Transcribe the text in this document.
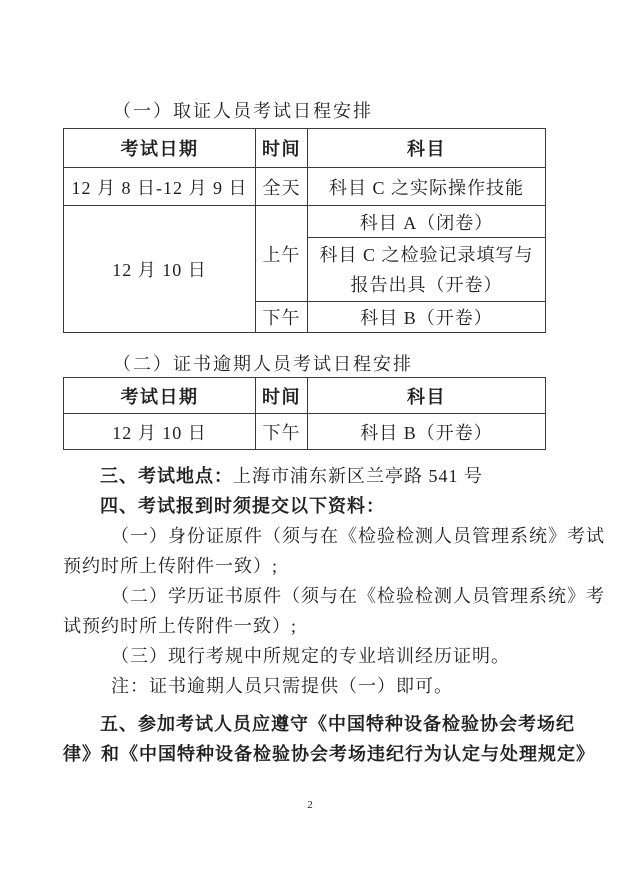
（一）取证人员考试日程安排
考试日期	时间	科目
12 月 8 日-12 月 9 日	全天	科目 C 之实际操作技能
12 月 10 日	上午	科目 A（闭卷）
		科目 C 之检验记录填写与报告出具（开卷）
	下午	科目 B（开卷）
（二）证书逾期人员考试日程安排
考试日期	时间	科目
12 月 10 日	下午	科目 B（开卷）
三、考试地点：上海市浦东新区兰亭路 541 号
四、考试报到时须提交以下资料：
（一）身份证原件（须与在《检验检测人员管理系统》考试
预约时所上传附件一致）;
（二）学历证书原件（须与在《检验检测人员管理系统》考
试预约时所上传附件一致）;
（三）现行考规中所规定的专业培训经历证明。
注：证书逾期人员只需提供（一）即可。
五、参加考试人员应遵守《中国特种设备检验协会考场纪
律》和《中国特种设备检验协会考场违纪行为认定与处理规定》
2
